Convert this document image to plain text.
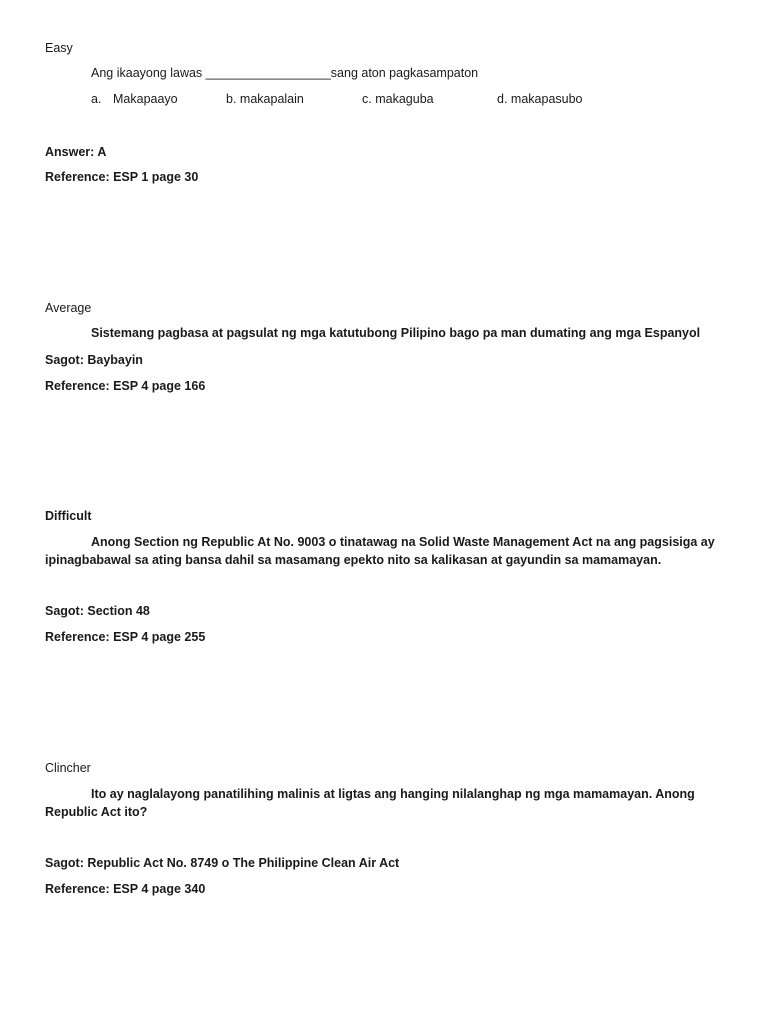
Easy
Ang ikaayong lawas __________________sang aton pagkasampaton
a. Makapaayo	b. makapalain	c. makaguba	d. makapasubo
Answer: A
Reference: ESP 1 page 30
Average
Sistemang pagbasa at pagsulat ng mga katutubong Pilipino bago pa man dumating ang mga Espanyol
Sagot: Baybayin
Reference: ESP 4 page 166
Difficult
Anong Section ng Republic At No. 9003 o tinatawag na Solid Waste Management Act na ang pagsisiga ay ipinagbabawal sa ating bansa dahil sa masamang epekto nito sa kalikasan at gayundin sa mamamayan.
Sagot: Section 48
Reference: ESP 4 page 255
Clincher
Ito ay naglalayong panatilihing malinis at ligtas ang hanging nilalanghap ng mga mamamayan. Anong Republic Act ito?
Sagot: Republic Act No. 8749 o The Philippine Clean Air Act
Reference: ESP 4 page 340
